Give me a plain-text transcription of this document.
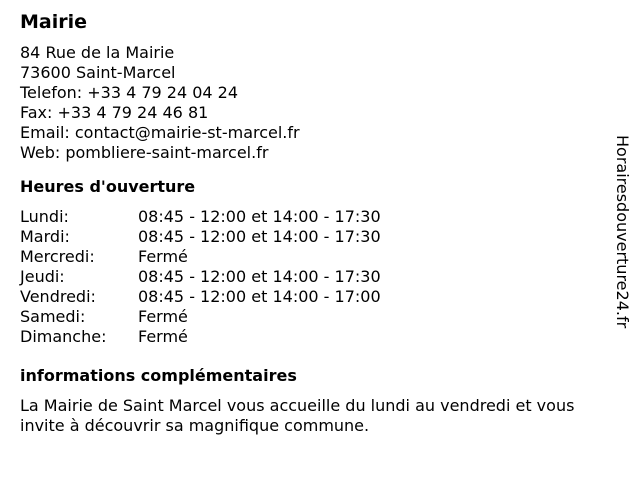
Mairie
84 Rue de la Mairie
73600 Saint-Marcel
Telefon: +33 4 79 24 04 24
Fax: +33 4 79 24 46 81
Email: contact@mairie-st-marcel.fr
Web: pombliere-saint-marcel.fr
Heures d'ouverture
Lundi:	08:45 - 12:00 et 14:00 - 17:30
Mardi:	08:45 - 12:00 et 14:00 - 17:30
Mercredi:	Fermé
Jeudi:	08:45 - 12:00 et 14:00 - 17:30
Vendredi:	08:45 - 12:00 et 14:00 - 17:00
Samedi:	Fermé
Dimanche:	Fermé
informations complémentaires
La Mairie de Saint Marcel vous accueille du lundi au vendredi et vous invite à découvrir sa magnifique commune.
Horairesdouverture24.fr
